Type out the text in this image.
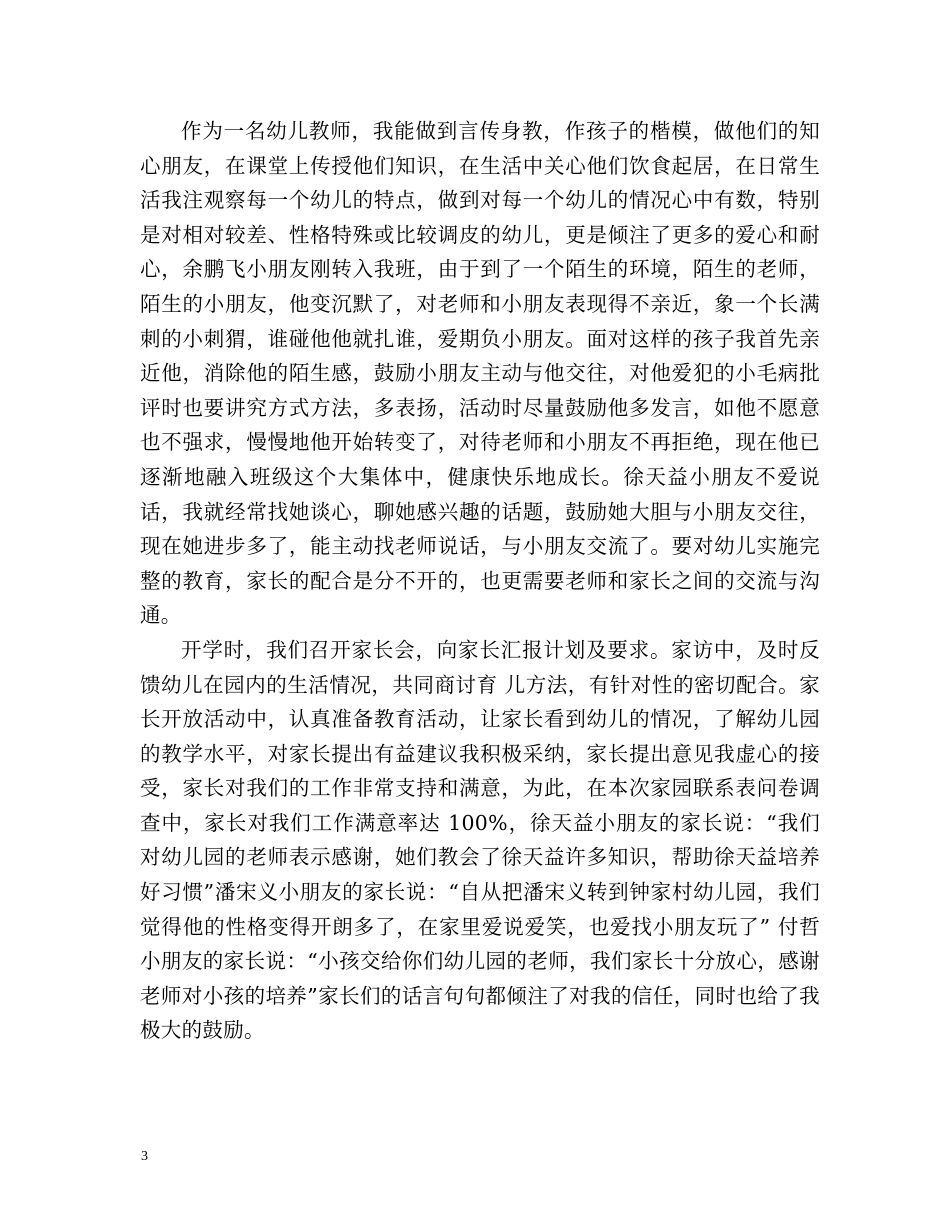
作为一名幼儿教师，我能做到言传身教，作孩子的楷模，做他们的知心朋友，在课堂上传授他们知识，在生活中关心他们饮食起居，在日常生活我注观察每一个幼儿的特点，做到对每一个幼儿的情况心中有数，特别是对相对较差、性格特殊或比较调皮的幼儿，更是倾注了更多的爱心和耐心，余鹏飞小朋友刚转入我班，由于到了一个陌生的环境，陌生的老师，陌生的小朋友，他变沉默了，对老师和小朋友表现得不亲近，象一个长满刺的小刺猬，谁碰他他就扎谁，爱期负小朋友。面对这样的孩子我首先亲近他，消除他的陌生感，鼓励小朋友主动与他交往，对他爱犯的小毛病批评时也要讲究方式方法，多表扬，活动时尽量鼓励他多发言，如他不愿意也不强求，慢慢地他开始转变了，对待老师和小朋友不再拒绝，现在他已逐渐地融入班级这个大集体中，健康快乐地成长。徐天益小朋友不爱说话，我就经常找她谈心，聊她感兴趣的话题，鼓励她大胆与小朋友交往，现在她进步多了，能主动找老师说话，与小朋友交流了。要对幼儿实施完整的教育，家长的配合是分不开的，也更需要老师和家长之间的交流与沟通。

开学时，我们召开家长会，向家长汇报计划及要求。家访中，及时反馈幼儿在园内的生活情况，共同商讨育 儿方法，有针对性的密切配合。家长开放活动中，认真准备教育活动，让家长看到幼儿的情况，了解幼儿园的教学水平，对家长提出有益建议我积极采纳，家长提出意见我虚心的接受，家长对我们的工作非常支持和满意，为此，在本次家园联系表问卷调查中，家长对我们工作满意率达 100%，徐天益小朋友的家长说：“我们对幼儿园的老师表示感谢，她们教会了徐天益许多知识，帮助徐天益培养好习惯”潘宋义小朋友的家长说：“自从把潘宋义转到钟家村幼儿园，我们觉得他的性格变得开朗多了，在家里爱说爱笑，也爱找小朋友玩了” 付哲小朋友的家长说：“小孩交给你们幼儿园的老师，我们家长十分放心，感谢老师对小孩的培养”家长们的话言句句都倾注了对我的信任，同时也给了我极大的鼓励。

3
